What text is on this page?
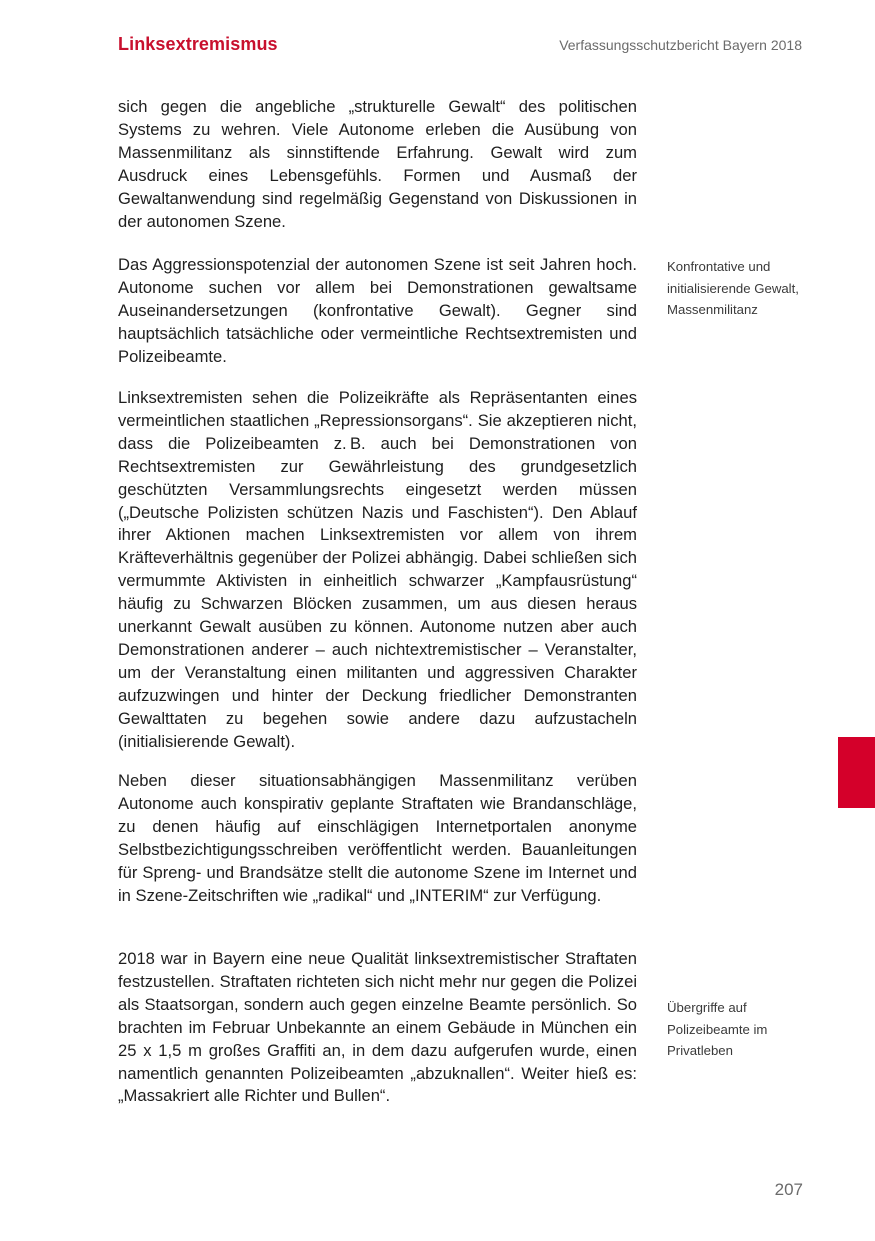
Linksextremismus	Verfassungsschutzbericht Bayern 2018

sich gegen die angebliche „strukturelle Gewalt“ des politischen Systems zu wehren. Viele Autonome erleben die Ausübung von Massenmilitanz als sinnstiftende Erfahrung. Gewalt wird zum Ausdruck eines Lebensgefühls. Formen und Ausmaß der Gewaltanwendung sind regelmäßig Gegenstand von Diskussionen in der autonomen Szene.

Das Aggressionspotenzial der autonomen Szene ist seit Jahren hoch. Autonome suchen vor allem bei Demonstrationen gewaltsame Auseinandersetzungen (konfrontative Gewalt). Gegner sind hauptsächlich tatsächliche oder vermeintliche Rechtsextremisten und Polizeibeamte.

Linksextremisten sehen die Polizeikräfte als Repräsentanten eines vermeintlichen staatlichen „Repressionsorgans“. Sie akzeptieren nicht, dass die Polizeibeamten z. B. auch bei Demonstrationen von Rechtsextremisten zur Gewährleistung des grundgesetzlich geschützten Versammlungsrechts eingesetzt werden müssen („Deutsche Polizisten schützen Nazis und Faschisten“). Den Ablauf ihrer Aktionen machen Linksextremisten vor allem von ihrem Kräfteverhältnis gegenüber der Polizei abhängig. Dabei schließen sich vermummte Aktivisten in einheitlich schwarzer „Kampfausrüstung“ häufig zu Schwarzen Blöcken zusammen, um aus diesen heraus unerkannt Gewalt ausüben zu können. Autonome nutzen aber auch Demonstrationen anderer – auch nichtextremistischer – Veranstalter, um der Veranstaltung einen militanten und aggressiven Charakter aufzuzwingen und hinter der Deckung friedlicher Demonstranten Gewalttaten zu begehen sowie andere dazu aufzustacheln (initialisierende Gewalt).

Neben dieser situationsabhängigen Massenmilitanz verüben Autonome auch konspirativ geplante Straftaten wie Brandanschläge, zu denen häufig auf einschlägigen Internetportalen anonyme Selbstbezichtigungsschreiben veröffentlicht werden. Bauanleitungen für Spreng- und Brandsätze stellt die autonome Szene im Internet und in Szene-Zeitschriften wie „radikal“ und „INTERIM“ zur Verfügung.

2018 war in Bayern eine neue Qualität linksextremistischer Straftaten festzustellen. Straftaten richteten sich nicht mehr nur gegen die Polizei als Staatsorgan, sondern auch gegen einzelne Beamte persönlich. So brachten im Februar Unbekannte an einem Gebäude in München ein 25 x 1,5 m großes Graffiti an, in dem dazu aufgerufen wurde, einen namentlich genannten Polizeibeamten „abzuknallen“. Weiter hieß es: „Massakriert alle Richter und Bullen“.

Konfrontative und initialisierende Gewalt, Massenmilitanz

Übergriffe auf Polizeibeamte im Privatleben

207
